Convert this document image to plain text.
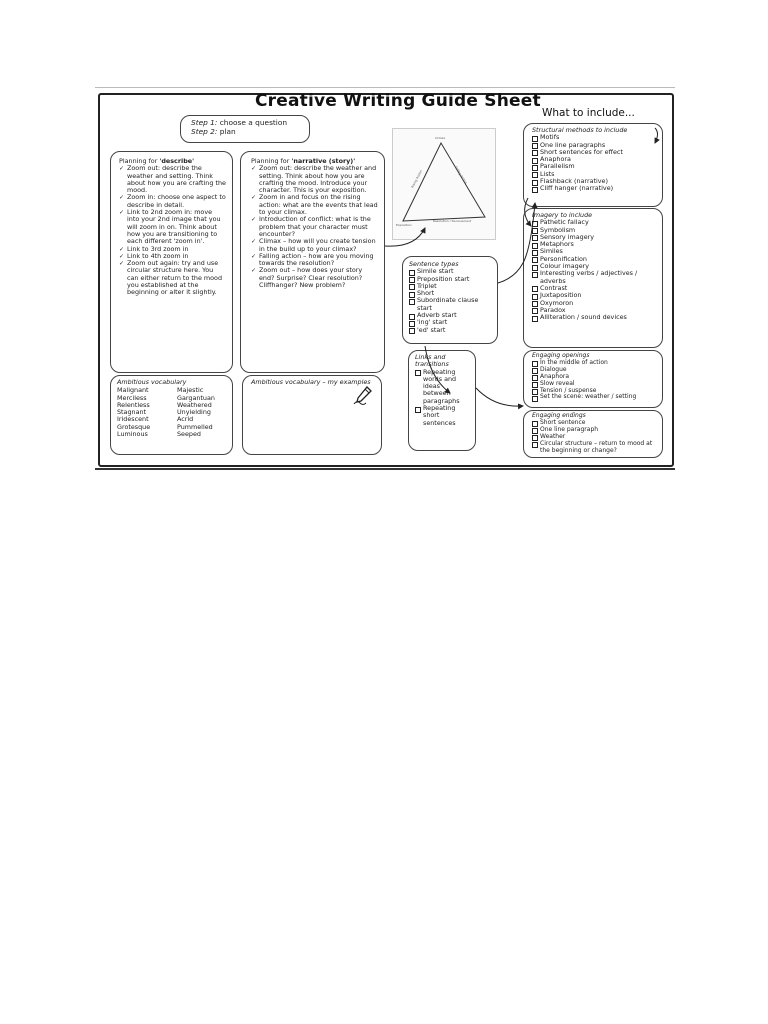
Creative Writing Guide Sheet
What to include...
Step 1: choose a question
Step 2: plan
Planning for 'describe'
✓ Zoom out: describe the weather and setting. Think about how you are crafting the mood.
✓ Zoom in: choose one aspect to describe in detail.
✓ Link to 2nd zoom in: move into your 2nd image that you will zoom in on. Think about how you are transitioning to each different 'zoom in'.
✓ Link to 3rd zoom in
✓ Link to 4th zoom in
✓ Zoom out again: try and use circular structure here. You can either return to the mood you established at the beginning or alter it slightly.
Planning for 'narrative (story)'
✓ Zoom out: describe the weather and setting. Think about how you are crafting the mood. Introduce your character. This is your exposition.
✓ Zoom in and focus on the rising action: what are the events that lead to your climax.
✓ Introduction of conflict: what is the problem that your character must encounter?
✓ Climax – how will you create tension in the build up to your climax?
✓ Falling action – how are you moving towards the resolution?
✓ Zoom out – how does your story end? Surprise? Clear resolution? Cliffhanger? New problem?
Ambitious vocabulary
Malignant
Merciless
Relentless
Stagnant
Iridescent
Grotesque
Luminous
Majestic
Gargantuan
Weathered
Unyielding
Acrid
Pummelled
Seeped
Ambitious vocabulary – my examples
Climax
Rising Action	Falling Action
Exposition
Resolution / Denouement
Sentence types
Simile start
Preposition start
Triplet
Short
Subordinate clause start
Adverb start
'ing' start
'ed' start
Links and transitions
Repeating words and ideas between paragraphs
Repeating short sentences
Structural methods to include
Motifs
One line paragraphs
Short sentences for effect
Anaphora
Parallelism
Lists
Flashback (narrative)
Cliff hanger (narrative)
Imagery to include
Pathetic fallacy
Symbolism
Sensory imagery
Metaphors
Similes
Personification
Colour imagery
Interesting verbs / adjectives / adverbs
Contrast
Juxtaposition
Oxymoron
Paradox
Alliteration / sound devices
Engaging openings
In the middle of action
Dialogue
Anaphora
Slow reveal
Tension / suspense
Set the scene: weather / setting
Engaging endings
Short sentence
One line paragraph
Weather
Circular structure – return to mood at the beginning or change?
